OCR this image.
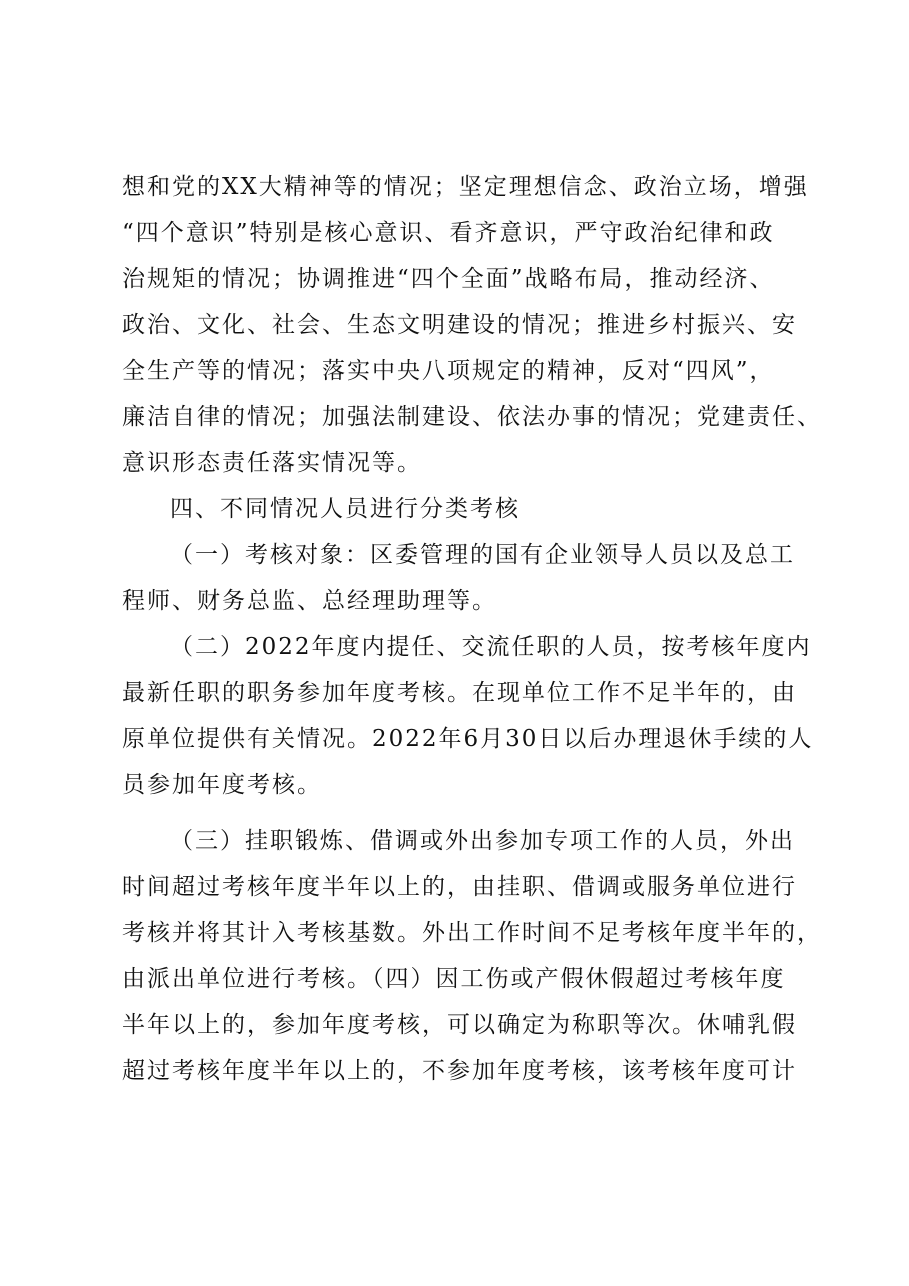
想和党的XX大精神等的情况；坚定理想信念、政治立场，增强
“四个意识”特别是核心意识、看齐意识，严守政治纪律和政
治规矩的情况；协调推进“四个全面”战略布局，推动经济、
政治、文化、社会、生态文明建设的情况；推进乡村振兴、安
全生产等的情况；落实中央八项规定的精神，反对“四风”，
廉洁自律的情况；加强法制建设、依法办事的情况；党建责任、
意识形态责任落实情况等。
四、不同情况人员进行分类考核
（一）考核对象：区委管理的国有企业领导人员以及总工
程师、财务总监、总经理助理等。
（二）2022年度内提任、交流任职的人员，按考核年度内
最新任职的职务参加年度考核。在现单位工作不足半年的，由
原单位提供有关情况。2022年6月30日以后办理退休手续的人
员参加年度考核。
（三）挂职锻炼、借调或外出参加专项工作的人员，外出
时间超过考核年度半年以上的，由挂职、借调或服务单位进行
考核并将其计入考核基数。外出工作时间不足考核年度半年的，
由派出单位进行考核。（四）因工伤或产假休假超过考核年度
半年以上的，参加年度考核，可以确定为称职等次。休哺乳假
超过考核年度半年以上的，不参加年度考核，该考核年度可计
